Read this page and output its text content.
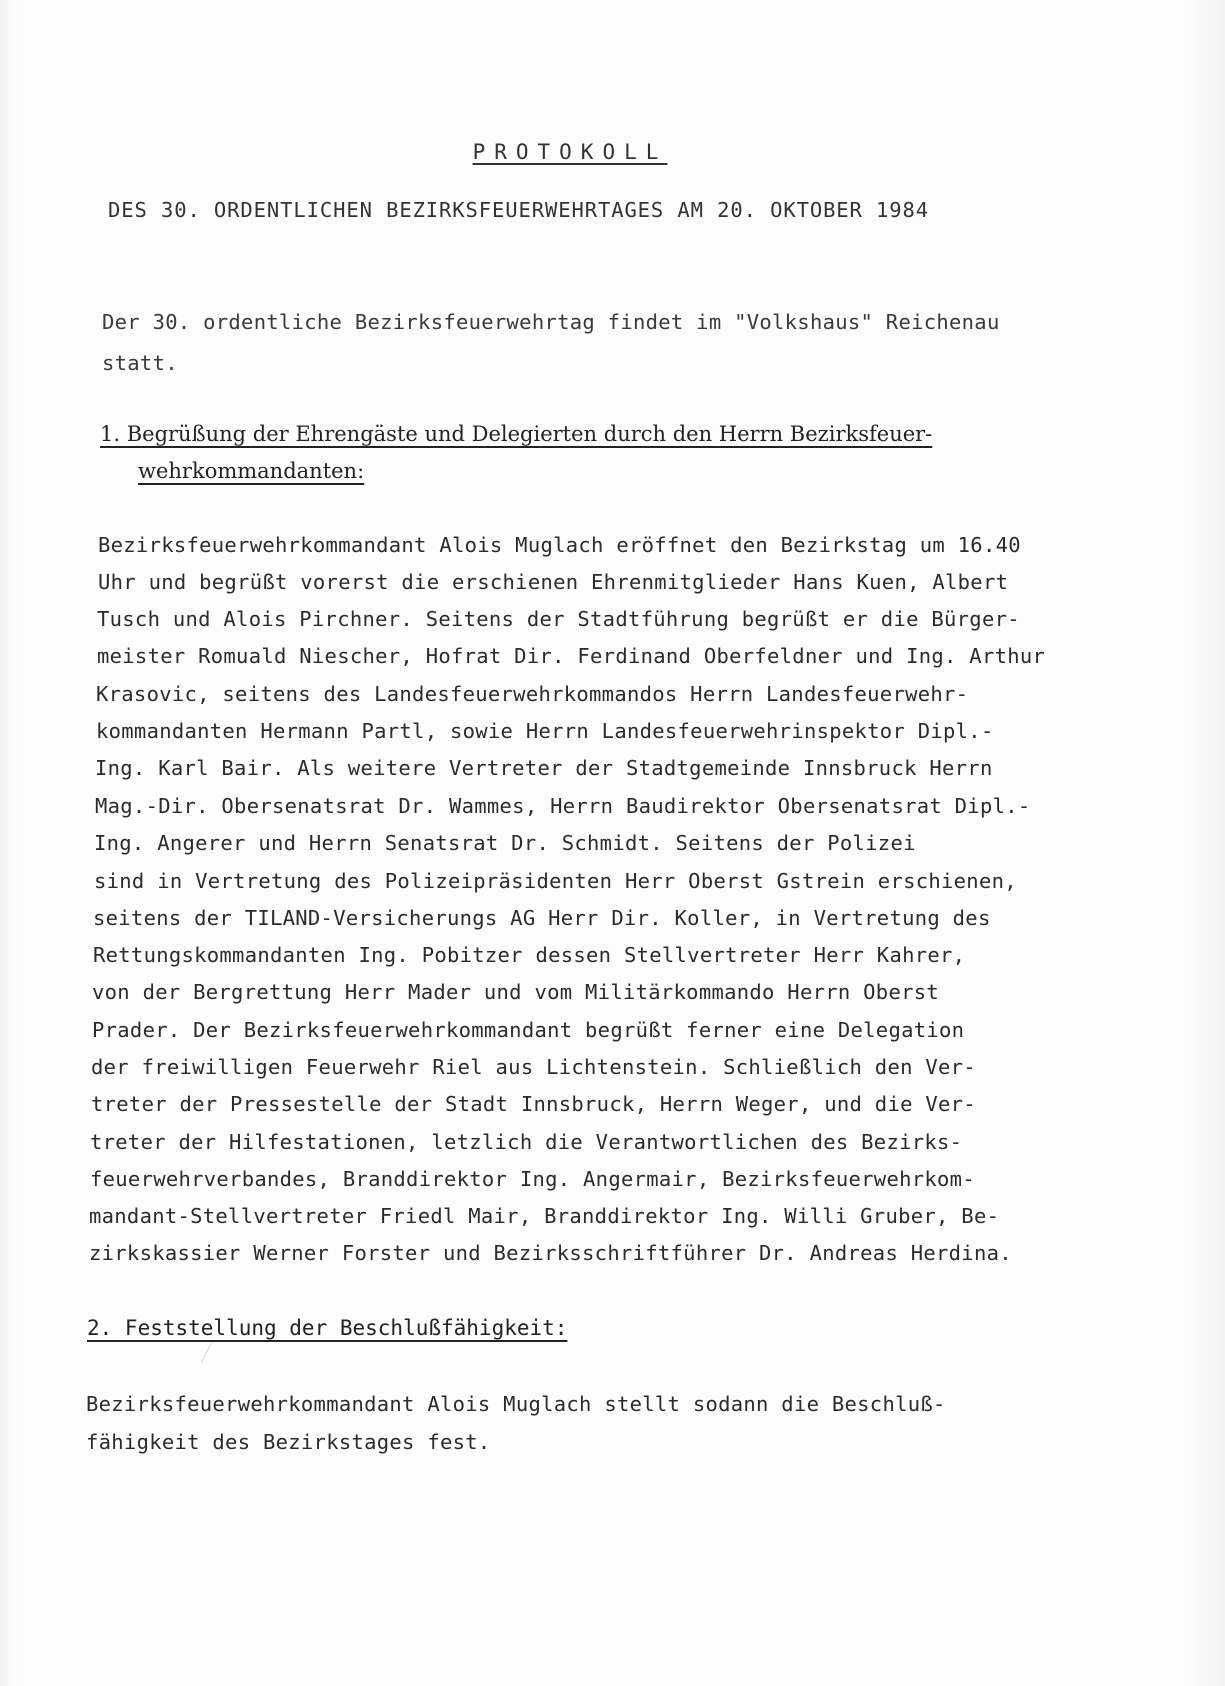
PROTOKOLL
DES 30. ORDENTLICHEN BEZIRKSFEUERWEHRTAGES AM 20. OKTOBER 1984
Der 30. ordentliche Bezirksfeuerwehrtag findet im "Volkshaus" Reichenau
statt.
1. Begrüßung der Ehrengäste und Delegierten durch den Herrn Bezirksfeuer-
wehrkommandanten:
Bezirksfeuerwehrkommandant Alois Muglach eröffnet den Bezirkstag um 16.40
Uhr und begrüßt vorerst die erschienen Ehrenmitglieder Hans Kuen, Albert
Tusch und Alois Pirchner. Seitens der Stadtführung begrüßt er die Bürger-
meister Romuald Niescher, Hofrat Dir. Ferdinand Oberfeldner und Ing. Arthur
Krasovic, seitens des Landesfeuerwehrkommandos Herrn Landesfeuerwehr-
kommandanten Hermann Partl, sowie Herrn Landesfeuerwehrinspektor Dipl.-
Ing. Karl Bair. Als weitere Vertreter der Stadtgemeinde Innsbruck Herrn
Mag.-Dir. Obersenatsrat Dr. Wammes, Herrn Baudirektor Obersenatsrat Dipl.-
Ing. Angerer und Herrn Senatsrat Dr. Schmidt. Seitens der Polizei
sind in Vertretung des Polizeipräsidenten Herr Oberst Gstrein erschienen,
seitens der TILAND-Versicherungs AG Herr Dir. Koller, in Vertretung des
Rettungskommandanten Ing. Pobitzer dessen Stellvertreter Herr Kahrer,
von der Bergrettung Herr Mader und vom Militärkommando Herrn Oberst
Prader. Der Bezirksfeuerwehrkommandant begrüßt ferner eine Delegation
der freiwilligen Feuerwehr Riel aus Lichtenstein. Schließlich den Ver-
treter der Pressestelle der Stadt Innsbruck, Herrn Weger, und die Ver-
treter der Hilfestationen, letzlich die Verantwortlichen des Bezirks-
feuerwehrverbandes, Branddirektor Ing. Angermair, Bezirksfeuerwehrkom-
mandant-Stellvertreter Friedl Mair, Branddirektor Ing. Willi Gruber, Be-
zirkskassier Werner Forster und Bezirksschriftführer Dr. Andreas Herdina.
2. Feststellung der Beschlußfähigkeit:
Bezirksfeuerwehrkommandant Alois Muglach stellt sodann die Beschluß-
fähigkeit des Bezirkstages fest.
